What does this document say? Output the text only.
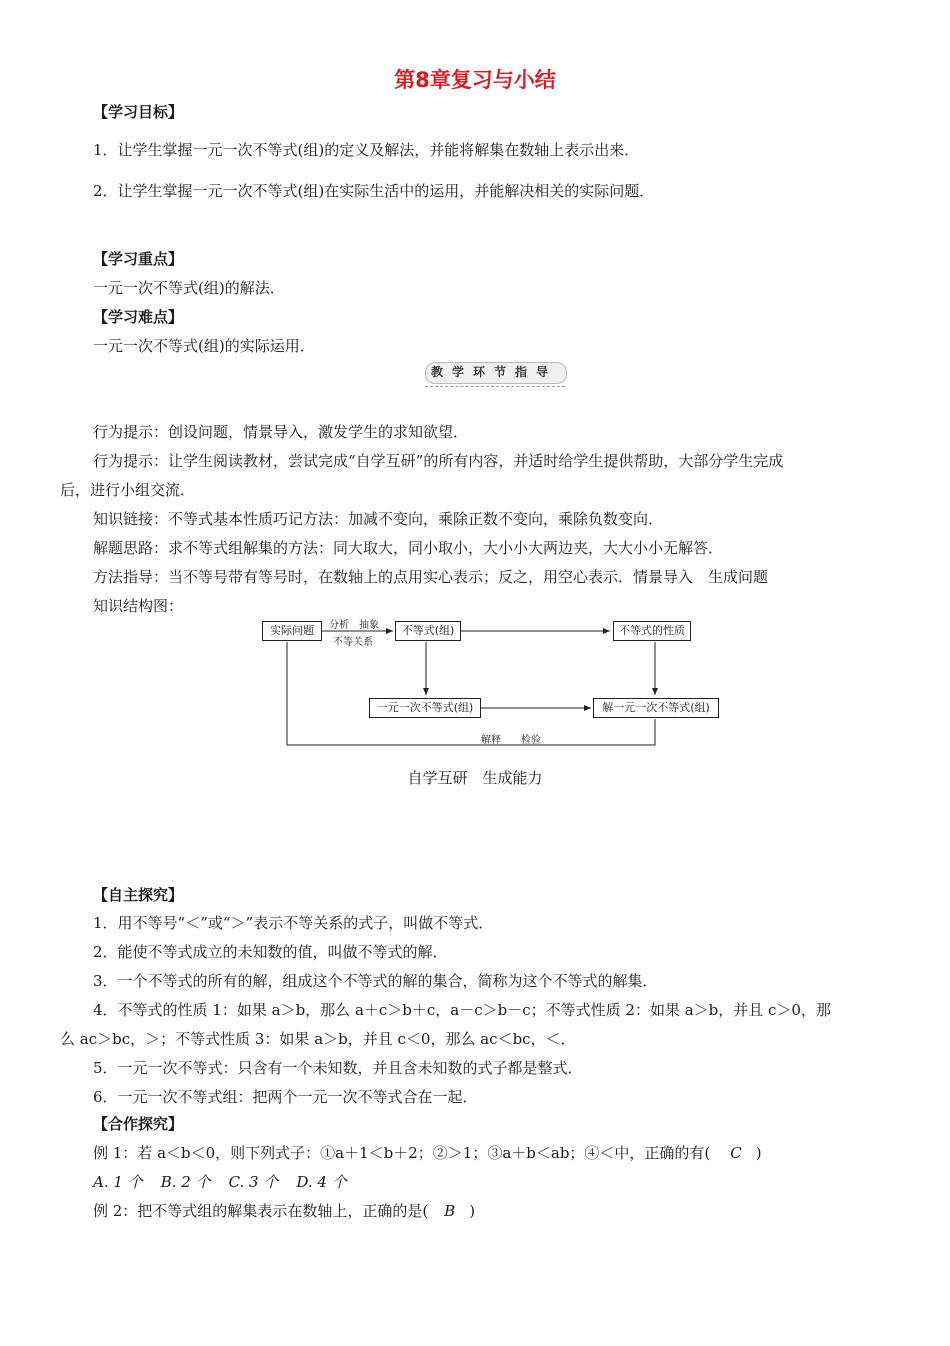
第8章复习与小结
【学习目标】
1．让学生掌握一元一次不等式(组)的定义及解法，并能将解集在数轴上表示出来．
2．让学生掌握一元一次不等式(组)在实际生活中的运用，并能解决相关的实际问题．
【学习重点】
一元一次不等式(组)的解法．
【学习难点】
一元一次不等式(组)的实际运用．
教学环节指导
行为提示：创设问题，情景导入，激发学生的求知欲望．
行为提示：让学生阅读教材，尝试完成“自学互研”的所有内容，并适时给学生提供帮助，大部分学生完成
后，进行小组交流．
知识链接：不等式基本性质巧记方法：加减不变向，乘除正数不变向，乘除负数变向．
解题思路：求不等式组解集的方法：同大取大，同小取小，大小小大两边夹，大大小小无解答．
方法指导：当不等号带有等号时，在数轴上的点用实心表示；反之，用空心表示．情景导入　生成问题
知识结构图：
实际问题	不等式(组)	不等式的性质
一元一次不等式(组)	解一元一次不等式(组)
分析　抽象
不等关系
解释　　检验
自学互研　生成能力
【自主探究】
1．用不等号“＜”或“＞”表示不等关系的式子，叫做不等式．
2．能使不等式成立的未知数的值，叫做不等式的解．
3．一个不等式的所有的解，组成这个不等式的解的集合，简称为这个不等式的解集．
4．不等式的性质 1：如果 a＞b，那么 a＋c＞b＋c，a－c＞b－c；不等式性质 2：如果 a＞b，并且 c＞0，那
么 ac＞bc，＞；不等式性质 3：如果 a＞b，并且 c＜0，那么 ac＜bc，＜．
5．一元一次不等式：只含有一个未知数，并且含未知数的式子都是整式．
6．一元一次不等式组：把两个一元一次不等式合在一起．
【合作探究】
例 1：若 a＜b＜0，则下列式子：①a＋1＜b＋2；②＞1；③a＋b＜ab；④＜中，正确的有( C )
A. 1 个 B. 2 个 C. 3 个 D. 4 个
例 2：把不等式组的解集表示在数轴上，正确的是( B )
